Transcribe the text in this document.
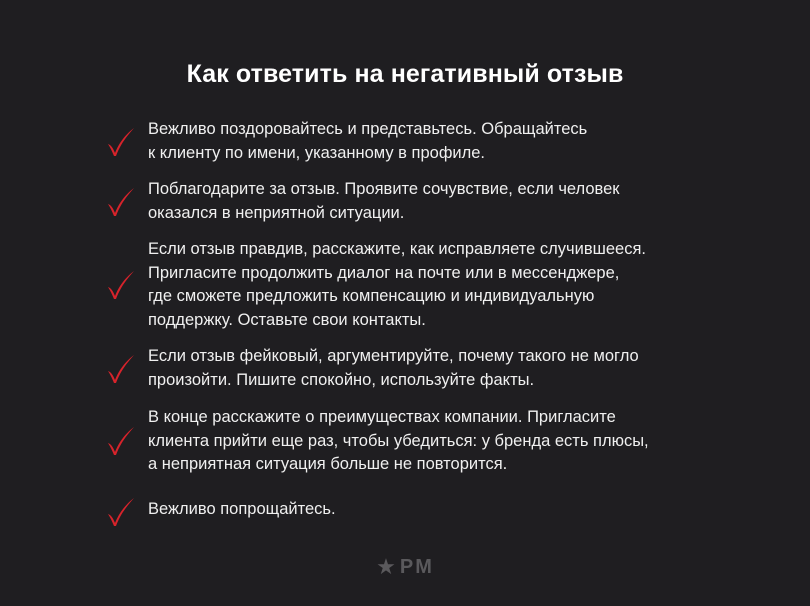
Как ответить на негативный отзыв
Вежливо поздоровайтесь и представьтесь. Обращайтесь
к клиенту по имени, указанному в профиле.
Поблагодарите за отзыв. Проявите сочувствие, если человек
оказался в неприятной ситуации.
Если отзыв правдив, расскажите, как исправляете случившееся.
Пригласите продолжить диалог на почте или в мессенджере,
где сможете предложить компенсацию и индивидуальную
поддержку. Оставьте свои контакты.
Если отзыв фейковый, аргументируйте, почему такого не могло
произойти. Пишите спокойно, используйте факты.
В конце расскажите о преимуществах компании. Пригласите
клиента прийти еще раз, чтобы убедиться: у бренда есть плюсы,
а неприятная ситуация больше не повторится.
Вежливо попрощайтесь.
★ PM
